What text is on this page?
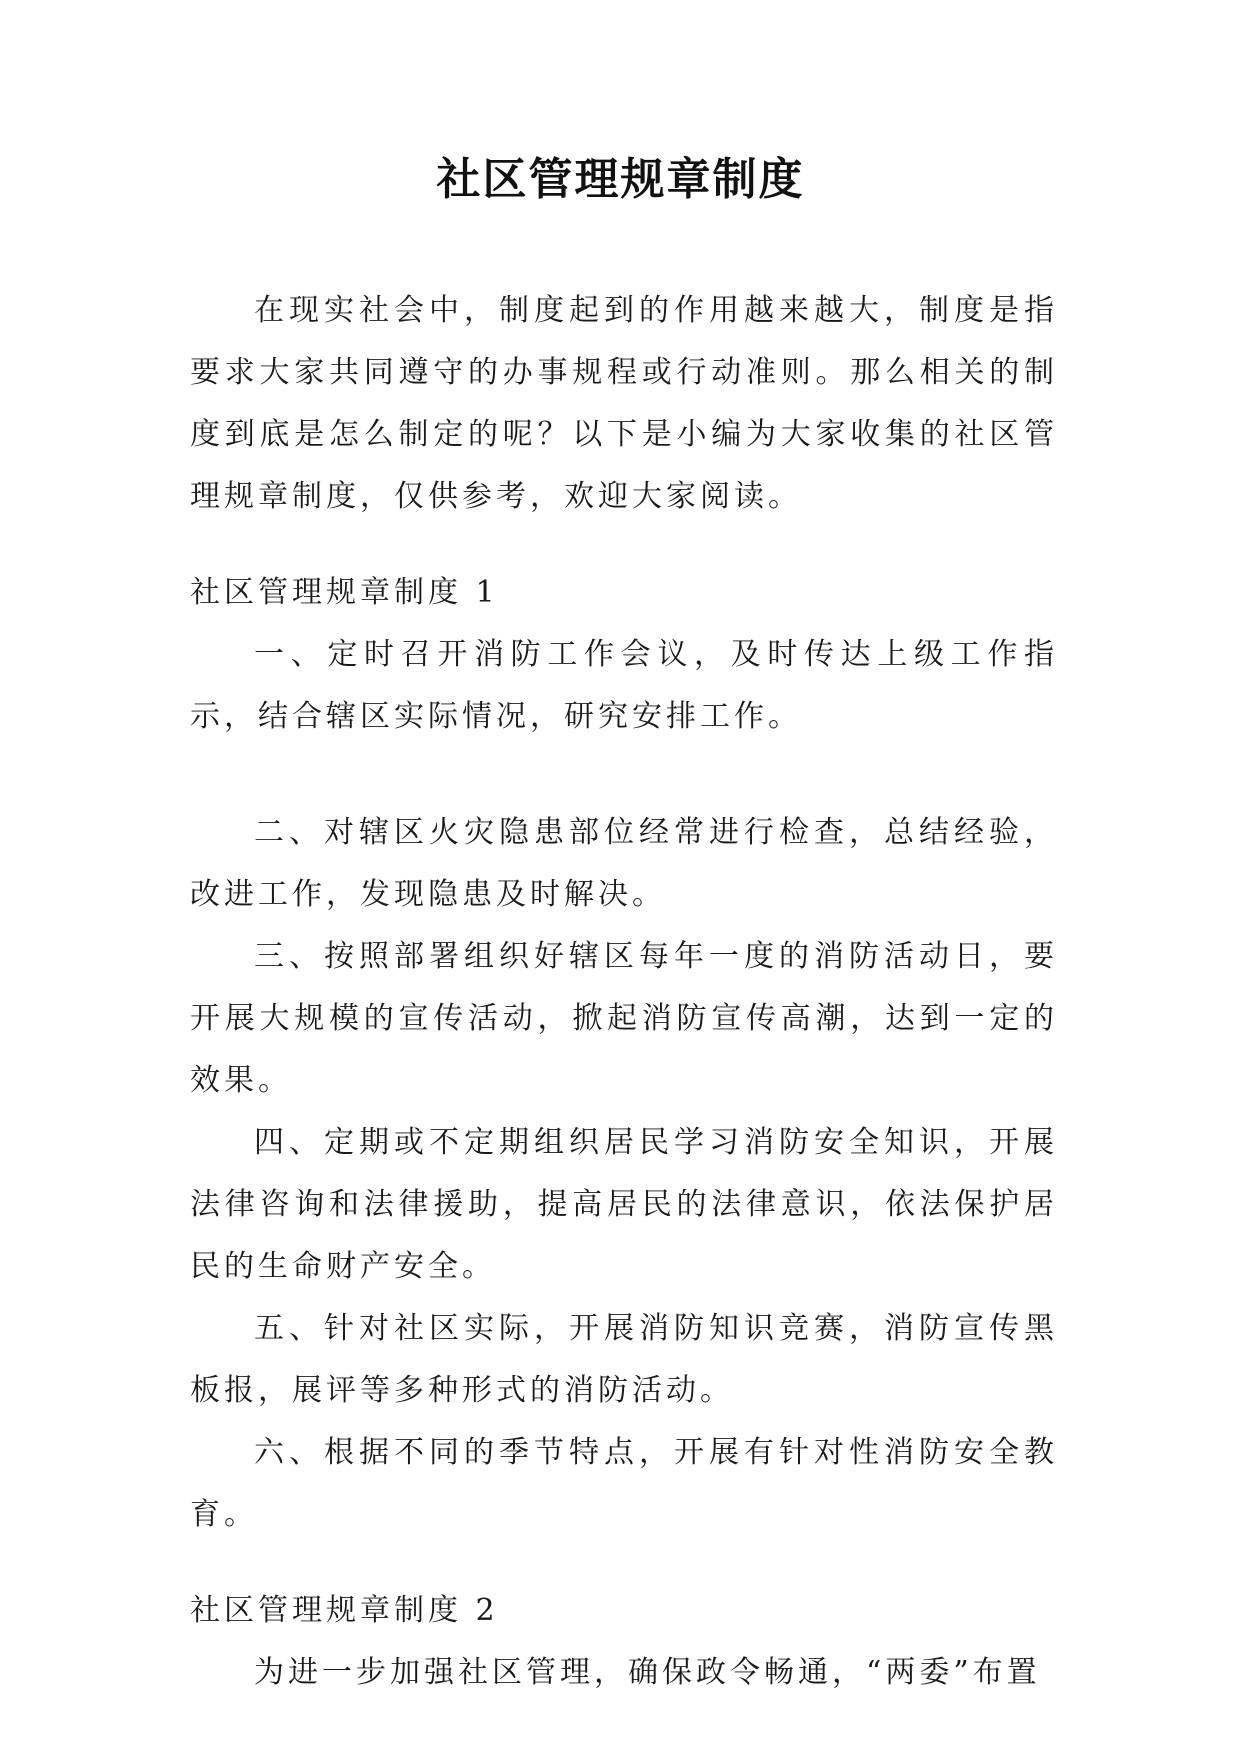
社区管理规章制度

在现实社会中，制度起到的作用越来越大，制度是指要求大家共同遵守的办事规程或行动准则。那么相关的制度到底是怎么制定的呢？以下是小编为大家收集的社区管理规章制度，仅供参考，欢迎大家阅读。

社区管理规章制度 1

一、定时召开消防工作会议，及时传达上级工作指示，结合辖区实际情况，研究安排工作。

二、对辖区火灾隐患部位经常进行检查，总结经验，改进工作，发现隐患及时解决。

三、按照部署组织好辖区每年一度的消防活动日，要开展大规模的宣传活动，掀起消防宣传高潮，达到一定的效果。

四、定期或不定期组织居民学习消防安全知识，开展法律咨询和法律援助，提高居民的法律意识，依法保护居民的生命财产安全。

五、针对社区实际，开展消防知识竞赛，消防宣传黑板报，展评等多种形式的消防活动。

六、根据不同的季节特点，开展有针对性消防安全教育。

社区管理规章制度 2

为进一步加强社区管理，确保政令畅通，“两委”布置
